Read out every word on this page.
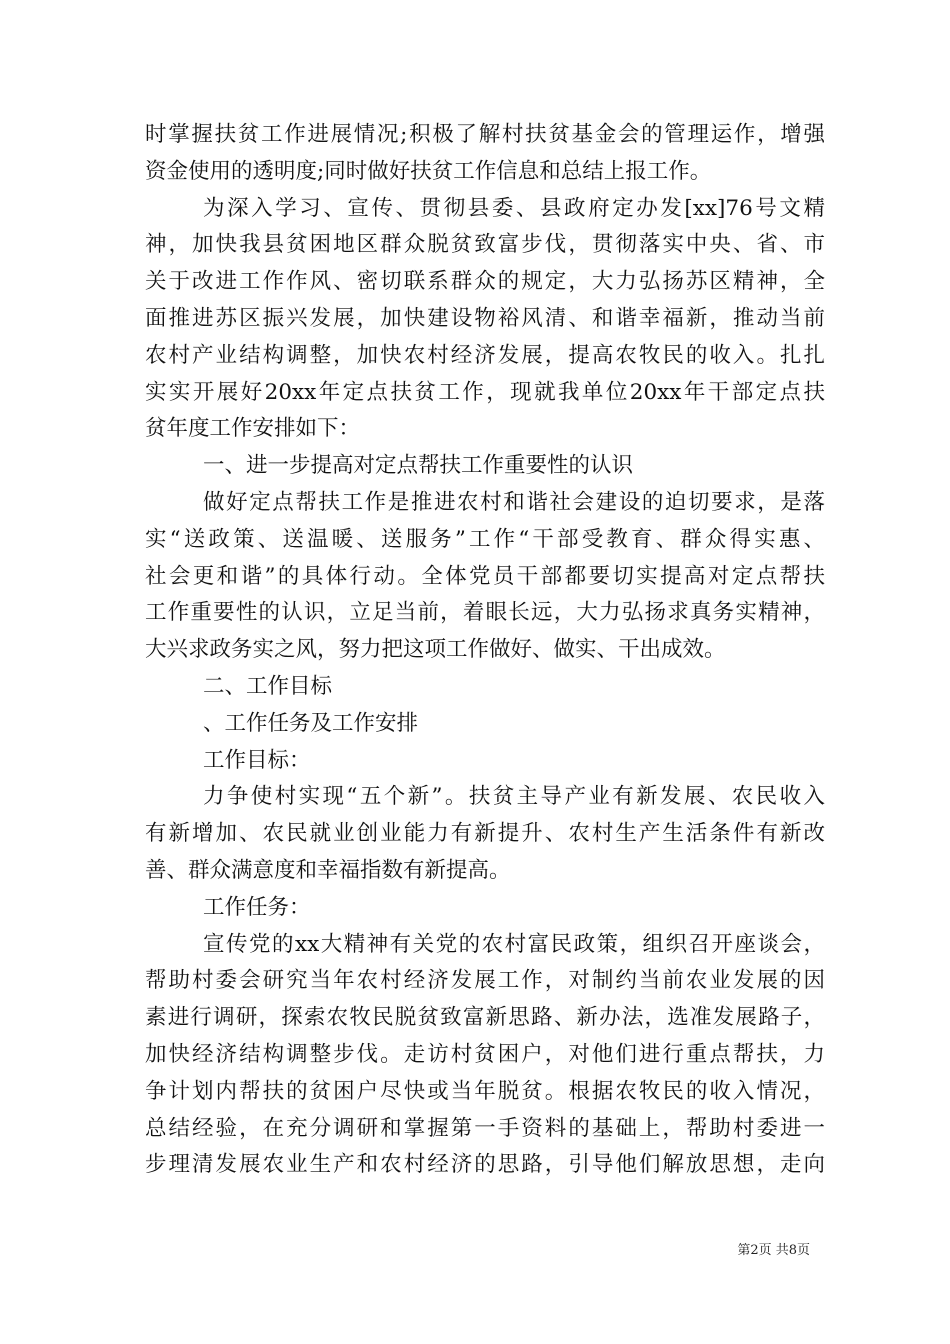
时掌握扶贫工作进展情况;积极了解村扶贫基金会的管理运作，增强

资金使用的透明度;同时做好扶贫工作信息和总结上报工作。

为深入学习、宣传、贯彻县委、县政府定办发[xx]76号文精

神，加快我县贫困地区群众脱贫致富步伐，贯彻落实中央、省、市

关于改进工作作风、密切联系群众的规定，大力弘扬苏区精神，全

面推进苏区振兴发展，加快建设物裕风清、和谐幸福新，推动当前

农村产业结构调整，加快农村经济发展，提高农牧民的收入。扎扎

实实开展好20xx年定点扶贫工作，现就我单位20xx年干部定点扶

贫年度工作安排如下：

一、进一步提高对定点帮扶工作重要性的认识

做好定点帮扶工作是推进农村和谐社会建设的迫切要求，是落

实“送政策、送温暖、送服务”工作“干部受教育、群众得实惠、

社会更和谐”的具体行动。全体党员干部都要切实提高对定点帮扶

工作重要性的认识，立足当前，着眼长远，大力弘扬求真务实精神，

大兴求政务实之风，努力把这项工作做好、做实、干出成效。

二、工作目标

、工作任务及工作安排

工作目标：

力争使村实现“五个新”。扶贫主导产业有新发展、农民收入

有新增加、农民就业创业能力有新提升、农村生产生活条件有新改

善、群众满意度和幸福指数有新提高。

工作任务：

宣传党的xx大精神有关党的农村富民政策，组织召开座谈会，

帮助村委会研究当年农村经济发展工作，对制约当前农业发展的因

素进行调研，探索农牧民脱贫致富新思路、新办法，选准发展路子，

加快经济结构调整步伐。走访村贫困户，对他们进行重点帮扶，力

争计划内帮扶的贫困户尽快或当年脱贫。根据农牧民的收入情况，

总结经验，在充分调研和掌握第一手资料的基础上，帮助村委进一

步理清发展农业生产和农村经济的思路，引导他们解放思想，走向

第2页 共8页
